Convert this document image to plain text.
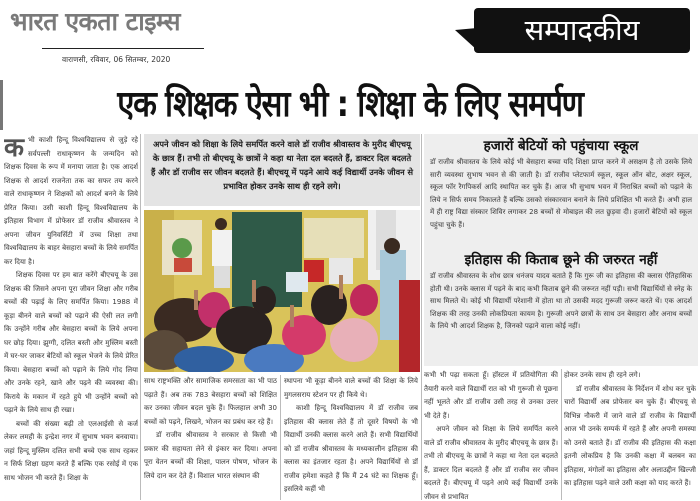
भारत एकता टाइम्स
वाराणसी, रविवार, 06 सितम्बर, 2020
सम्पादकीय
एक शिक्षक ऐसा भी : शिक्षा के लिए समर्पण

कभी काशी हिन्दू विश्वविद्यालय से जुड़े रहे सर्वपल्ली राधाकृष्णन के जन्मदिन को शिक्षक दिवस के रूप में मनाया जाता है। एक आदर्श शिक्षक से आदर्श राजनेता तक का सफर तय करने वाले राधाकृष्णन ने शिक्षकों को आदर्श बनने के लिये प्रेरित किया। उसी काशी हिन्दू विश्वविद्यालय के इतिहास विभाग में प्रोफेसर डॉ राजीव श्रीवास्तव ने अपना जीवन युनिवर्सिटी में उच्च शिक्षा तथा विश्वविद्यालय के बाहर बेसहारा बच्चों के लिये समर्पित कर दिया है।

शिक्षक दिवस पर हम बात करेंगे बीएचयू के उस शिक्षक की जिसने अपना पूरा जीवन शिक्षा और गरीब बच्चों की पढ़ाई के लिए समर्पित किया। 1988 में कूड़ा बीनने वाले बच्चों को पढ़ाने की ऐसी लत लगी कि उन्होंने गरीब और बेसहारा बच्चों के लिये अपना घर छोड़ दिया। झुग्गी, दलित बस्ती और मुस्लिम बस्ती में घर-घर जाकर बेटियों को स्कूल भेजने के लिये प्रेरित किया। बेसहारा बच्चों को पढ़ाने के लिये गोद लिया और उनके रहने, खाने और पढ़ने की व्यवस्था की। किराये के मकान में रहते हुये भी उन्होंने बच्चों को पढ़ाने के लिये साथ ही रखा।

बच्चों की संख्या बढ़ी तो एलआईसी से कर्ज लेकर लमही के इन्द्रेश नगर में सुभाष भवन बनवाया। जहां हिन्दू मुस्लिम दलित सभी बच्चे एक साथ रहकर न सिर्फ शिक्षा ग्रहण करते हैं बल्कि एक रसोई में एक साथ भोजन भी करते हैं। शिक्षा के

अपने जीवन को शिक्षा के लिये समर्पित करने वाले डॉ राजीव श्रीवास्तव के मुरीद बीएचयू के छात्र हैं। तभी तो बीएचयू के छात्रों ने कहा था नेता दल बदलते हैं, डाक्टर दिल बदलते हैं और डॉ राजीव सर जीवन बदलते हैं। बीएचयू में पढ़ने आये कई विद्यार्थी उनके जीवन से प्रभावित होकर उनके साथ ही रहने लगे।

साथ राष्ट्रभक्ति और सामाजिक समरसता का भी पाठ पढ़ाते हैं। अब तक 783 बेसहारा बच्चों को शिक्षित कर उनका जीवन बदल चुके हैं। फिलहाल अभी 30 बच्चों को पढ़ने, लिखने, भोजन का प्रबंध कर रहे हैं।

डॉ राजीव श्रीवास्तव ने सरकार से किसी भी प्रकार की सहायता लेने से इंकार कर दिया। अपना पूरा वेतन बच्चों की शिक्षा, पालन पोषण, भोजन के लिये दान कर देते हैं। विशाल भारत संस्थान की

स्थापना भी कूड़ा बीनने वाले बच्चों की शिक्षा के लिये मुगलसराय स्टेशन पर ही किये थे।

काशी हिन्दू विश्वविद्यालय में डॉ राजीव जब इतिहास की क्लास लेते हैं तो दूसरे विषयों के भी विद्यार्थी उनकी क्लास करने आते हैं। सभी विद्यार्थियों को डॉ राजीव श्रीवास्तव के मध्यकालीन इतिहास की क्लास का इंतजार रहता है। अपने विद्यार्थियों से डॉ राजीव हमेशा कहते हैं कि मैं 24 घंटे का शिक्षक हूँ। इसलिये कहीं भी

हजारों बेटियों को पहुंचाया स्कूल
डॉ राजीव श्रीवास्तव के लिये कोई भी बेसहारा बच्चा यदि शिक्षा प्राप्त करने में असक्षम है तो उसके लिये सारी व्यवस्था सुभाष भवन से की जाती है। डॉ राजीव प्लेटफार्म स्कूल, स्कूल ऑन बोट, अक्षर स्कूल, स्कूल फॉर रैगपिकर्स आदि स्थापित कर चुके हैं। आज भी सुभाष भवन में निराश्रित बच्चों को पढ़ाने के लिये न सिर्फ समय निकालते हैं बल्कि उसको संस्कारवान बनाने के लिये प्रशिक्षित भी करते हैं। अभी हाल में ही राष्ट्र विद्या संस्कार शिविर लगाकर 28 बच्चों से मोबाइल की लत छुड़वा दी। हजारों बेटियों को स्कूल पहुंचा चुके हैं।
इतिहास की किताब छूने की जरुरत नहीं
डॉ राजीव श्रीवास्तव के शोध छात्र धनंजय यादव बताते हैं कि गुरू जी का इतिहास की क्लास ऐतिहासिक होती थी। उनके क्लास में पढ़ने के बाद कभी किताब छूने की जरूरत नहीं पड़ी। सभी विद्यार्थियों से स्नेह के साथ मिलते थें। कोई भी विद्यार्थी परेशानी में होता था तो उसकी मदद गुरूजी जरूर करते थें। एक आदर्श शिक्षक की तरह उनकी लोकप्रियता कायम है। गुरूजी अपने छात्रों के साथ उन बेसहारा और अनाथ बच्चों के लिये भी आदर्श शिक्षक है, जिनको पढ़ाने वाला कोई नहीं।

कभी भी पढ़ा सकता हूँ। हॉस्टल में प्रतियोगिता की तैयारी करने वाले विद्यार्थी रात को भी गुरूजी से पूछना नहीं भूलते और डॉ राजीव उसी तरह से उनका उत्तर भी देते हैं।

अपने जीवन को शिक्षा के लिये समर्पित करने वाले डॉ राजीव श्रीवास्तव के मुरीद बीएचयू के छात्र हैं। तभी तो बीएचयू के छात्रों ने कहा था नेता दल बदलते हैं, डाक्टर दिल बदलते हैं और डॉ राजीव सर जीवन बदलते हैं। बीएचयू में पढ़ने आये कई विद्यार्थी उनके जीवन से प्रभावित

होकर उनके साथ ही रहने लगे।

डॉ राजीव श्रीवास्तव के निर्देशन में शोध कर चुके चारों विद्यार्थी अब प्रोफेसर बन चुके हैं। बीएचयू से विभिन्न नौकरी में जाने वाले डॉ राजीव के विद्यार्थी आज भी उनके सम्पर्क में रहते हैं और अपनी समस्या को उनसे बताते हैं। डॉ राजीव की इतिहास की कक्षा इतनी लोकप्रिय है कि उनकी कक्षा में बलबन का इतिहास, मंगोलों का इतिहास और अलाउद्दीन खिल्जी का इतिहास पढ़ने वाले उसी कक्षा को याद करते हैं।
